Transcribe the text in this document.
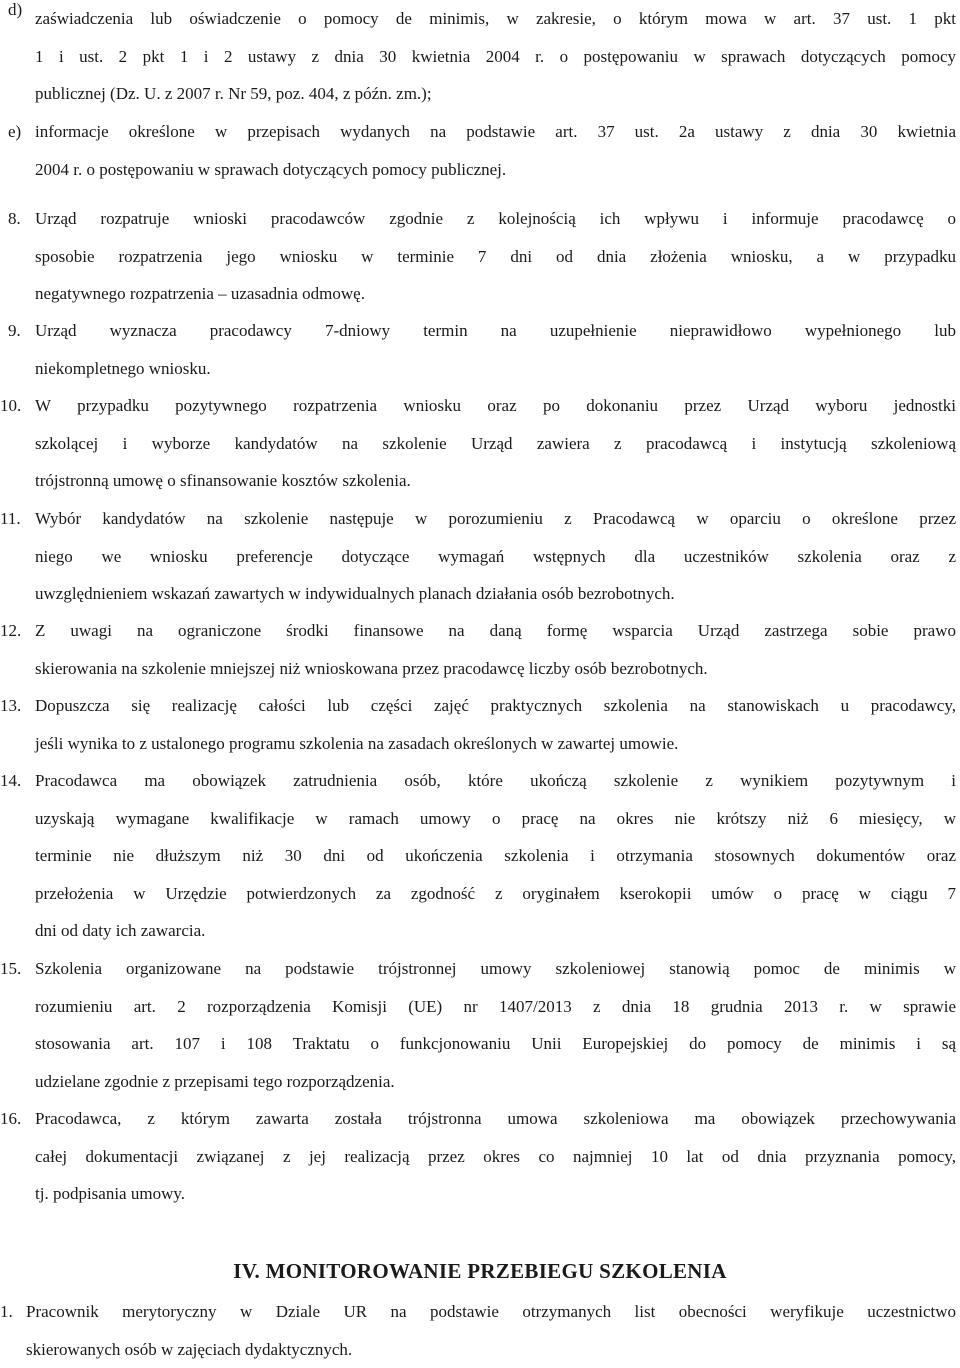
d) zaświadczenia lub oświadczenie o pomocy de minimis, w zakresie, o którym mowa w art. 37 ust. 1 pkt
1 i ust. 2 pkt 1 i 2 ustawy z dnia 30 kwietnia 2004 r. o postępowaniu w sprawach dotyczących pomocy
publicznej (Dz. U. z 2007 r. Nr 59, poz. 404, z późn. zm.);
e) informacje określone w przepisach wydanych na podstawie art. 37 ust. 2a ustawy z dnia 30 kwietnia
2004 r. o postępowaniu w sprawach dotyczących pomocy publicznej.
8. Urząd rozpatruje wnioski pracodawców zgodnie z kolejnością ich wpływu i informuje pracodawcę o
sposobie rozpatrzenia jego wniosku w terminie 7 dni od dnia złożenia wniosku, a w przypadku
negatywnego rozpatrzenia – uzasadnia odmowę.
9. Urząd wyznacza pracodawcy 7-dniowy termin na uzupełnienie nieprawidłowo wypełnionego lub
niekompletnego wniosku.
10. W przypadku pozytywnego rozpatrzenia wniosku oraz po dokonaniu przez Urząd wyboru jednostki
szkolącej i wyborze kandydatów na szkolenie Urząd zawiera z pracodawcą i instytucją szkoleniową
trójstronną umowę o sfinansowanie kosztów szkolenia.
11. Wybór kandydatów na szkolenie następuje w porozumieniu z Pracodawcą w oparciu o określone przez
niego we wniosku preferencje dotyczące wymagań wstępnych dla uczestników szkolenia oraz z
uwzględnieniem wskazań zawartych w indywidualnych planach działania osób bezrobotnych.
12. Z uwagi na ograniczone środki finansowe na daną formę wsparcia Urząd zastrzega sobie prawo
skierowania na szkolenie mniejszej niż wnioskowana przez pracodawcę liczby osób bezrobotnych.
13. Dopuszcza się realizację całości lub części zajęć praktycznych szkolenia na stanowiskach u pracodawcy,
jeśli wynika to z ustalonego programu szkolenia na zasadach określonych w zawartej umowie.
14. Pracodawca ma obowiązek zatrudnienia osób, które ukończą szkolenie z wynikiem pozytywnym i
uzyskają wymagane kwalifikacje w ramach umowy o pracę na okres nie krótszy niż 6 miesięcy, w
terminie nie dłuższym niż 30 dni od ukończenia szkolenia i otrzymania stosownych dokumentów oraz
przełożenia w Urzędzie potwierdzonych za zgodność z oryginałem kserokopii umów o pracę w ciągu 7
dni od daty ich zawarcia.
15. Szkolenia organizowane na podstawie trójstronnej umowy szkoleniowej stanowią pomoc de minimis w
rozumieniu art. 2 rozporządzenia Komisji (UE) nr 1407/2013 z dnia 18 grudnia 2013 r. w sprawie
stosowania art. 107 i 108 Traktatu o funkcjonowaniu Unii Europejskiej do pomocy de minimis i są
udzielane zgodnie z przepisami tego rozporządzenia.
16. Pracodawca, z którym zawarta została trójstronna umowa szkoleniowa ma obowiązek przechowywania
całej dokumentacji związanej z jej realizacją przez okres co najmniej 10 lat od dnia przyznania pomocy,
tj. podpisania umowy.
IV. MONITOROWANIE PRZEBIEGU SZKOLENIA
1. Pracownik merytoryczny w Dziale UR na podstawie otrzymanych list obecności weryfikuje uczestnictwo
skierowanych osób w zajęciach dydaktycznych.
